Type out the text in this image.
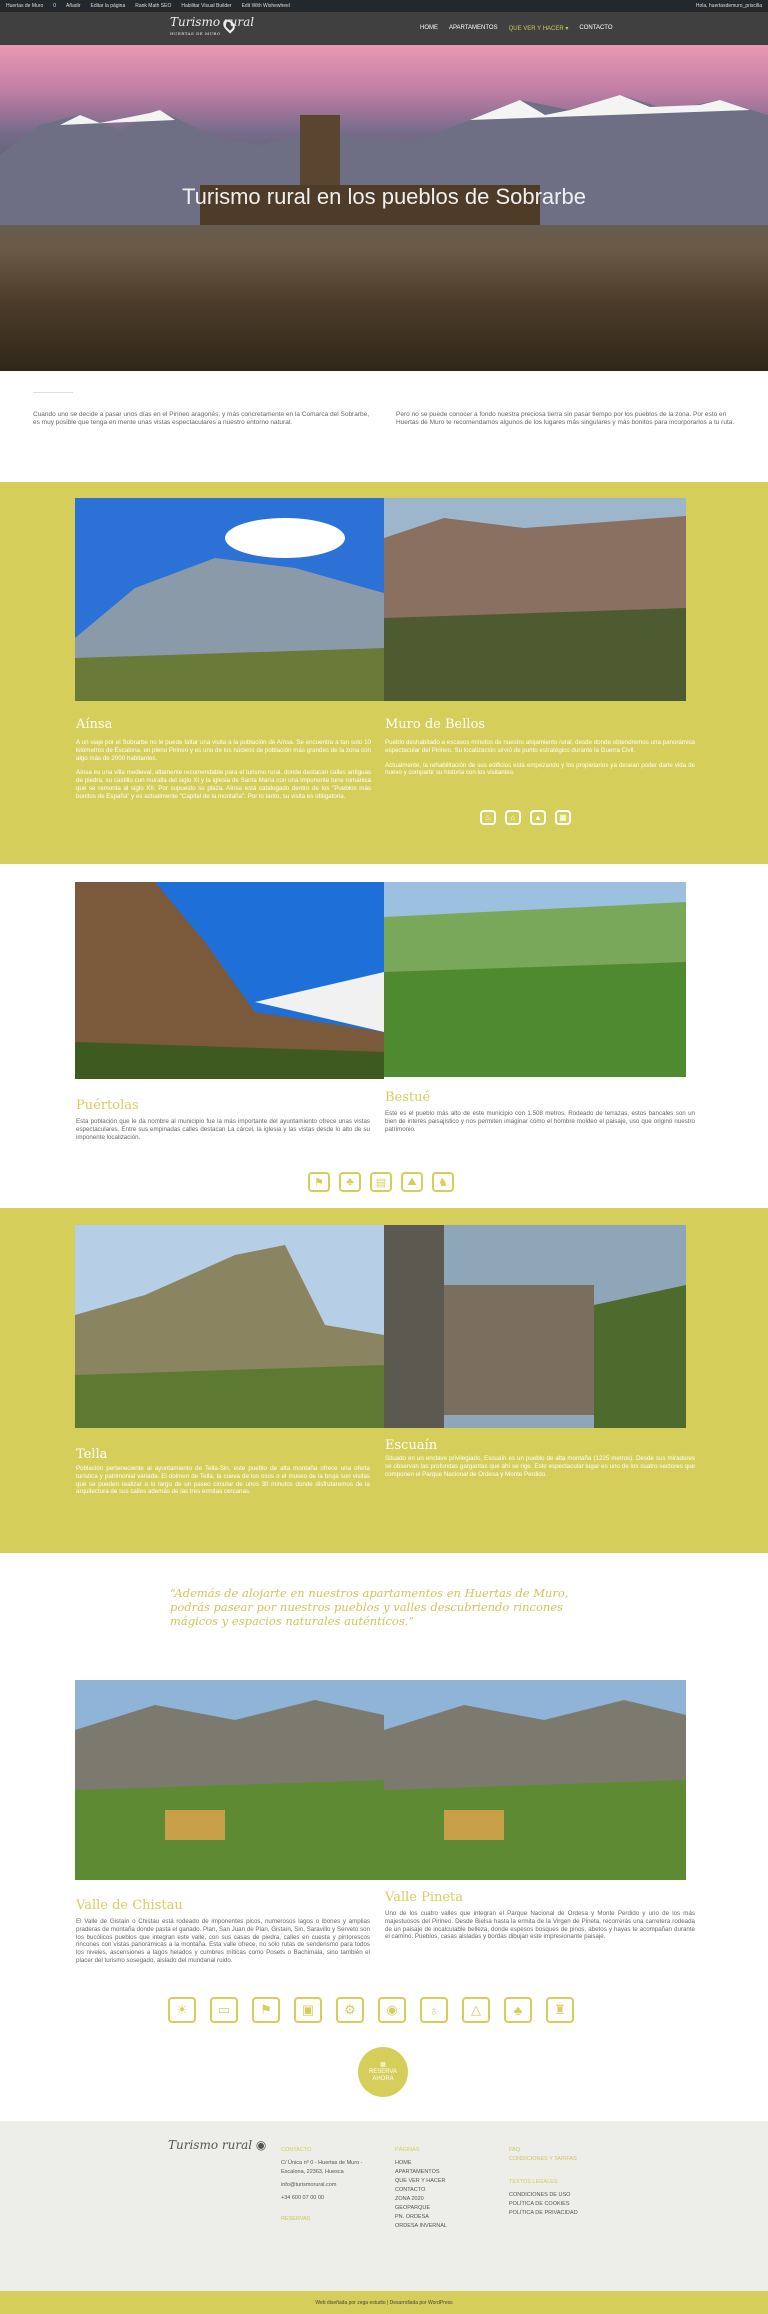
Huertas de Muro 0 Añadir Editar la página Rank Math SEO Habilitar Visual Builder Edit With Wishewheel	Hola, huertasdemuro_priscilla
Turismo rural
HUERTAS DE MURO
HOME APARTAMENTOS QUE VER Y HACER ▾ CONTACTO
Turismo rural en los pueblos de Sobrarbe

Cuando uno se decide a pasar unos días en el Pirineo aragonés, y más concretamente en la Comarca del Sobrarbe, es muy posible que tenga en mente unas vistas espectaculares a nuestro entorno natural.

Pero no se puede conocer a fondo nuestra preciosa tierra sin pasar tiempo por los pueblos de la zona. Por esto en Huertas de Muro te recomendamos algunos de los lugares más singulares y más bonitos para incorporarlos a tu ruta.

Aínsa

A un viaje por el Sobrarbe no le puede faltar una visita a la población de Aínsa. Se encuentra a tan solo 10 kilómetros de Escalona, en pleno Pirineo y es uno de los núcleos de población más grandes de la zona con algo más de 2000 habitantes.

Aínsa es una villa medieval, altamente recomendable para el turismo rural, donde destacan calles antiguas de piedra, su castillo con muralla del siglo XI y la iglesia de Santa María con una imponente torre románica que se remonta al siglo XII. Por supuesto su plaza. Aínsa está catalogado dentro de los "Pueblos más bonitos de España" y es actualmente "Capital de la montaña". Por lo tanto, su visita es obligatoria.

Muro de Bellos

Pueblo deshabitado a escasos minutos de nuestro alojamiento rural, desde donde obtendremos una panorámica espectacular del Pirineo. Su localización sirvió de punto estratégico durante la Guerra Civil.

Actualmente, la rehabilitación de sus edificios está empezando y los propietarios ya desean poder darle vida de nuevo y compartir su historia con los visitantes.

♨	⌂	▲	▦
Puértolas

Esta población que le da nombre al municipio fue la más importante del ayuntamiento ofrece unas vistas espectaculares. Entre sus empinadas calles destacan La cárcel, la iglesia y las vistas desde lo alto de su imponente localización.

Bestué

Este es el pueblo más alto de este municipio con 1.508 metros. Rodeado de terrazas, estos bancales son un bien de interés paisajístico y nos permiten imaginar cómo el hombre moldeó el paisaje, uso que originó nuestro patrimonio.

⚑	♣	▤	⛰	♞
Tella

Población perteneciente al ayuntamiento de Tella-Sin, este pueblo de alta montaña ofrece una oferta turística y patrimonial variada. El dolmen de Tella, la cueva de los osos o el museo de la bruja son visitas que se pueden realizar a lo largo de un paseo circular de unos 30 minutos donde disfrutaremos de la arquitectura de sus calles además de las tres ermitas cercanas.

Escuaín

Situado en un enclave privilegiado, Escuaín es un pueblo de alta montaña (1225 metros). Desde sus miradores se observan las profundas gargantas que ahí se rige. Este espectacular lugar es uno de los cuatro sectores que componen el Parque Nacional de Ordesa y Monte Perdido.

“Además de alojarte en nuestros apartamentos en Huertas de Muro, podrás pasear por nuestros pueblos y valles descubriendo rincones mágicos y espacios naturales auténticos.”
Valle de Chistau

El Valle de Gistaín o Chistau está rodeado de imponentes picos, numerosos lagos o ibones y amplias praderas de montaña donde pasta el ganado. Plan, San Juan de Plan, Gistaín, Sin, Saravillo y Serveto son los bucólicos pueblos que integran este valle, con sus casas de piedra, calles en cuesta y pintorescos rincones con vistas panorámicas a la montaña. Esta valle ofrece, no sólo rutas de senderismo para todos los niveles, ascensiones a lagos helados y cumbres míticas como Posets o Bachimala, sino también el placer del turismo sosegado, aislado del mundanal ruido.

Valle Pineta

Uno de los cuatro valles que integran el Parque Nacional de Ordesa y Monte Perdido y uno de los más majestuosos del Pirineo. Desde Bielsa hasta la ermita de la Virgen de Pineta, recorrerás una carretera rodeada de un paisaje de incalculable belleza, donde espesos bosques de pinos, abetos y hayas te acompañan durante el camino. Pueblos, casas aisladas y bordas dibujan este impresionante paisaje.

☀	▭	⚑	▣	⚙	◉	♁	△	♣	♜
▦
RESERVA
AHORA
Turismo rural ◉	CONTACTO
C/ Única nº 0 - Huertas de Muro - Escalona, 22363, Huesca
info@turismorural.com
+34 600 07 00 00
RESERVAS
PÁGINAS
HOME
APARTAMENTOS
QUE VER Y HACER
CONTACTO
ZONA 2020
GEOPARQUE
PN. ORDESA
ORDESA INVERNAL
FAQ
CONDICIONES Y TARIFAS
TEXTOS LEGALES
CONDICIONES DE USO
POLÍTICA DE COOKIES
POLÍTICA DE PRIVACIDAD
Web diseñada por zega estudio | Desarrollada por WordPress
